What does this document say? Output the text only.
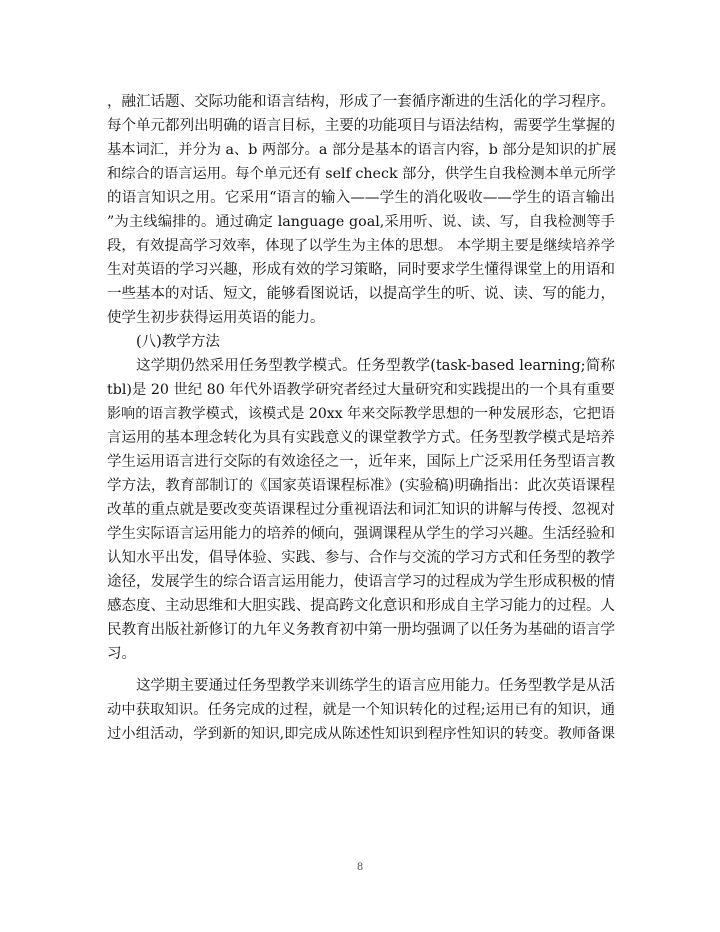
，融汇话题、交际功能和语言结构，形成了一套循序渐进的生活化的学习程序。
每个单元都列出明确的语言目标，主要的功能项目与语法结构，需要学生掌握的
基本词汇，并分为 a、b 两部分。a 部分是基本的语言内容，b 部分是知识的扩展
和综合的语言运用。每个单元还有 self check 部分，供学生自我检测本单元所学
的语言知识之用。它采用“语言的输入——学生的消化吸收——学生的语言输出
”为主线编排的。通过确定 language goal,采用听、说、读、写，自我检测等手
段，有效提高学习效率，体现了以学生为主体的思想。 本学期主要是继续培养学
生对英语的学习兴趣，形成有效的学习策略，同时要求学生懂得课堂上的用语和
一些基本的对话、短文，能够看图说话，以提高学生的听、说、读、写的能力，
使学生初步获得运用英语的能力。
(八)教学方法
这学期仍然采用任务型教学模式。任务型教学(task-based learning;简称
tbl)是 20 世纪 80 年代外语教学研究者经过大量研究和实践提出的一个具有重要
影响的语言教学模式，该模式是 20xx 年来交际教学思想的一种发展形态，它把语
言运用的基本理念转化为具有实践意义的课堂教学方式。任务型教学模式是培养
学生运用语言进行交际的有效途径之一，近年来，国际上广泛采用任务型语言教
学方法，教育部制订的《国家英语课程标准》(实验稿)明确指出：此次英语课程
改革的重点就是要改变英语课程过分重视语法和词汇知识的讲解与传授、忽视对
学生实际语言运用能力的培养的倾向，强调课程从学生的学习兴趣。生活经验和
认知水平出发，倡导体验、实践、参与、合作与交流的学习方式和任务型的教学
途径，发展学生的综合语言运用能力，使语言学习的过程成为学生形成积极的情
感态度、主动思维和大胆实践、提高跨文化意识和形成自主学习能力的过程。人
民教育出版社新修订的九年义务教育初中第一册均强调了以任务为基础的语言学
习。
这学期主要通过任务型教学来训练学生的语言应用能力。任务型教学是从活
动中获取知识。任务完成的过程，就是一个知识转化的过程;运用已有的知识，通
过小组活动，学到新的知识,即完成从陈述性知识到程序性知识的转变。教师备课
8
